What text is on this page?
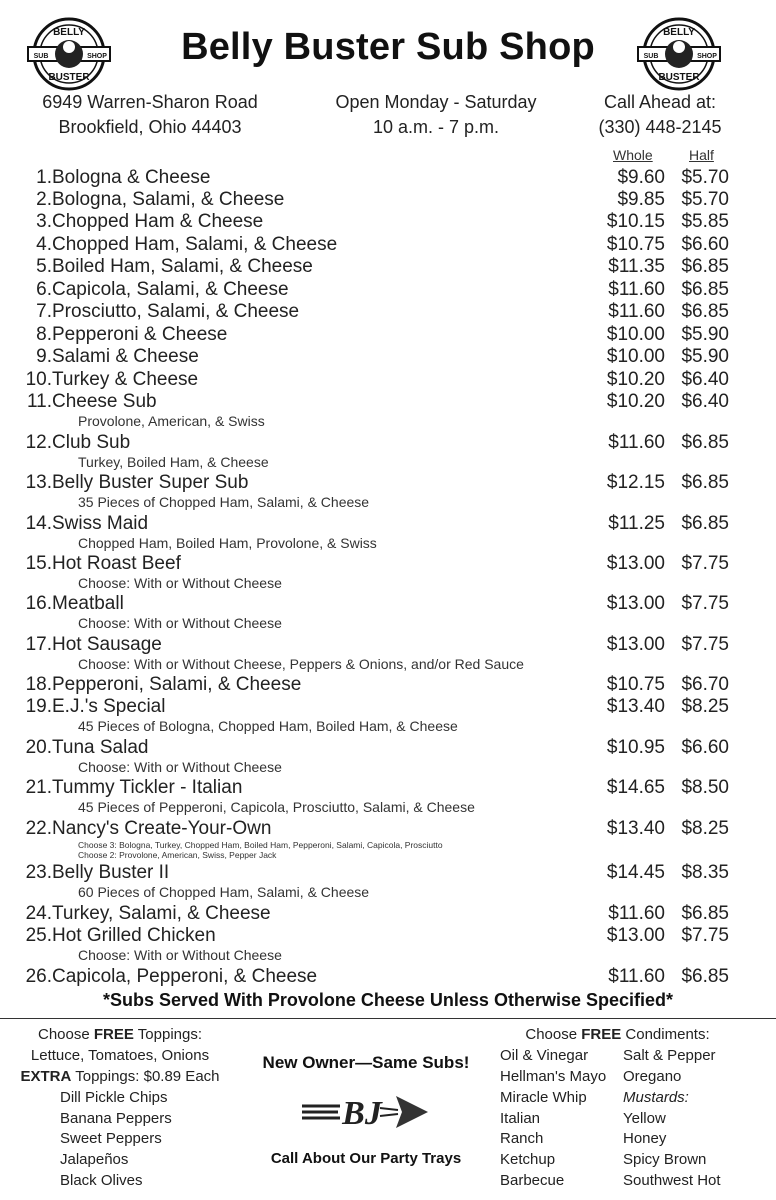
BELLY
SUB	SHOP
BUSTER
Belly Buster Sub Shop	BELLY
SUB	SHOP
BUSTER
6949 Warren-Sharon Road
Brookfield, Ohio 44403
Open Monday - Saturday
10 a.m. - 7 p.m.
Call Ahead at:
(330) 448-2145
Whole	Half
1. Bologna & Cheese	$9.60 $5.70
2. Bologna, Salami, & Cheese	$9.85 $5.70
3. Chopped Ham & Cheese	$10.15 $5.85
4. Chopped Ham, Salami, & Cheese	$10.75 $6.60
5. Boiled Ham, Salami, & Cheese	$11.35 $6.85
6. Capicola, Salami, & Cheese	$11.60 $6.85
7. Prosciutto, Salami, & Cheese	$11.60 $6.85
8. Pepperoni & Cheese	$10.00 $5.90
9. Salami & Cheese	$10.00 $5.90
10. Turkey & Cheese	$10.20 $6.40
11. Cheese Sub	$10.20 $6.40
Provolone, American, & Swiss
12. Club Sub	$11.60 $6.85
Turkey, Boiled Ham, & Cheese
13. Belly Buster Super Sub	$12.15 $6.85
35 Pieces of Chopped Ham, Salami, & Cheese
14. Swiss Maid	$11.25 $6.85
Chopped Ham, Boiled Ham, Provolone, & Swiss
15. Hot Roast Beef	$13.00 $7.75
Choose: With or Without Cheese
16. Meatball	$13.00 $7.75
Choose: With or Without Cheese
17. Hot Sausage	$13.00 $7.75
Choose: With or Without Cheese, Peppers & Onions, and/or Red Sauce
18. Pepperoni, Salami, & Cheese	$10.75 $6.70
19. E.J.'s Special	$13.40 $8.25
45 Pieces of Bologna, Chopped Ham, Boiled Ham, & Cheese
20. Tuna Salad	$10.95 $6.60
Choose: With or Without Cheese
21. Tummy Tickler - Italian	$14.65 $8.50
45 Pieces of Pepperoni, Capicola, Prosciutto, Salami, & Cheese
22. Nancy's Create-Your-Own	$13.40 $8.25
Choose 3: Bologna, Turkey, Chopped Ham, Boiled Ham, Pepperoni, Salami, Capicola, Prosciutto
Choose 2: Provolone, American, Swiss, Pepper Jack
23. Belly Buster II	$14.45 $8.35
60 Pieces of Chopped Ham, Salami, & Cheese
24. Turkey, Salami, & Cheese	$11.60 $6.85
25. Hot Grilled Chicken	$13.00 $7.75
Choose: With or Without Cheese
26. Capicola, Pepperoni, & Cheese	$11.60 $6.85
*Subs Served With Provolone Cheese Unless Otherwise Specified*
Choose FREE Toppings:
Lettuce, Tomatoes, Onions
EXTRA Toppings: $0.89 Each
Dill Pickle Chips
Banana Peppers
Sweet Peppers
Jalapeños
Black Olives
New Owner—Same Subs!
BJ
Call About Our Party Trays
Choose FREE Condiments:
Oil & Vinegar
Hellman's Mayo
Miracle Whip
Italian
Ranch
Ketchup
Barbecue
Salt & Pepper
Oregano
Mustards:
Yellow
Honey
Spicy Brown
Southwest Hot
